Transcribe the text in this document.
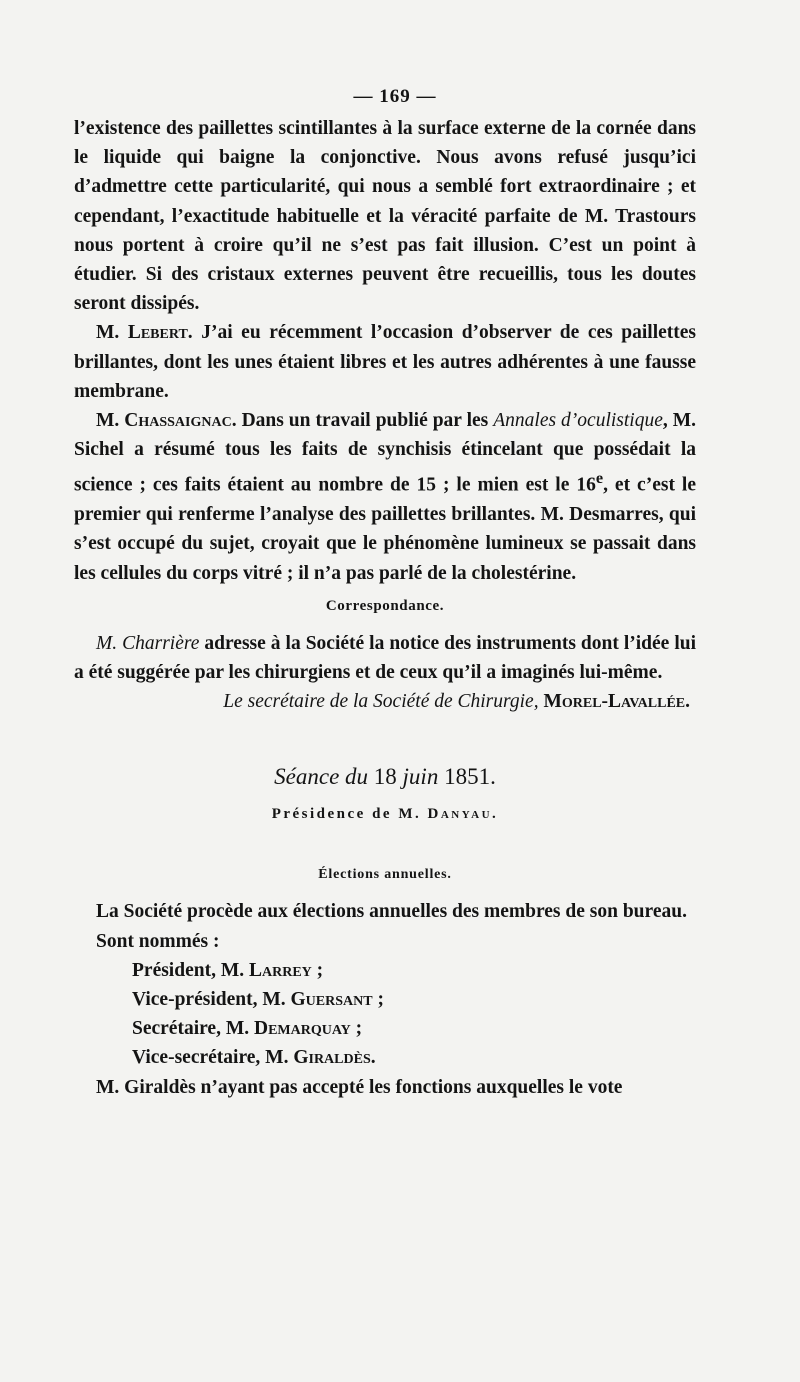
— 169 —

l’existence des paillettes scintillantes à la surface externe de la cornée dans le liquide qui baigne la conjonctive. Nous avons refusé jusqu’ici d’admettre cette particularité, qui nous a semblé fort extraordinaire ; et cependant, l’exactitude habituelle et la véracité parfaite de M. Trastours nous portent à croire qu’il ne s’est pas fait illusion. C’est un point à étudier. Si des cristaux externes peuvent être recueillis, tous les doutes seront dissipés.

M. Lebert. J’ai eu récemment l’occasion d’observer de ces paillettes brillantes, dont les unes étaient libres et les autres adhérentes à une fausse membrane.

M. Chassaignac. Dans un travail publié par les Annales d’oculistique, M. Sichel a résumé tous les faits de synchisis étincelant que possédait la science ; ces faits étaient au nombre de 15 ; le mien est le 16e, et c’est le premier qui renferme l’analyse des paillettes brillantes. M. Desmarres, qui s’est occupé du sujet, croyait que le phénomène lumineux se passait dans les cellules du corps vitré ; il n’a pas parlé de la cholestérine.

Correspondance.

M. Charrière adresse à la Société la notice des instruments dont l’idée lui a été suggérée par les chirurgiens et de ceux qu’il a imaginés lui-même.

Le secrétaire de la Société de Chirurgie, Morel-Lavallée.
Séance du 18 juin 1851.
Présidence de M. Danyau.
Élections annuelles.

La Société procède aux élections annuelles des membres de son bureau.

Sont nommés :

Président, M. Larrey ;

Vice-président, M. Guersant ;

Secrétaire, M. Demarquay ;

Vice-secrétaire, M. Giraldès.

M. Giraldès n’ayant pas accepté les fonctions auxquelles le vote
